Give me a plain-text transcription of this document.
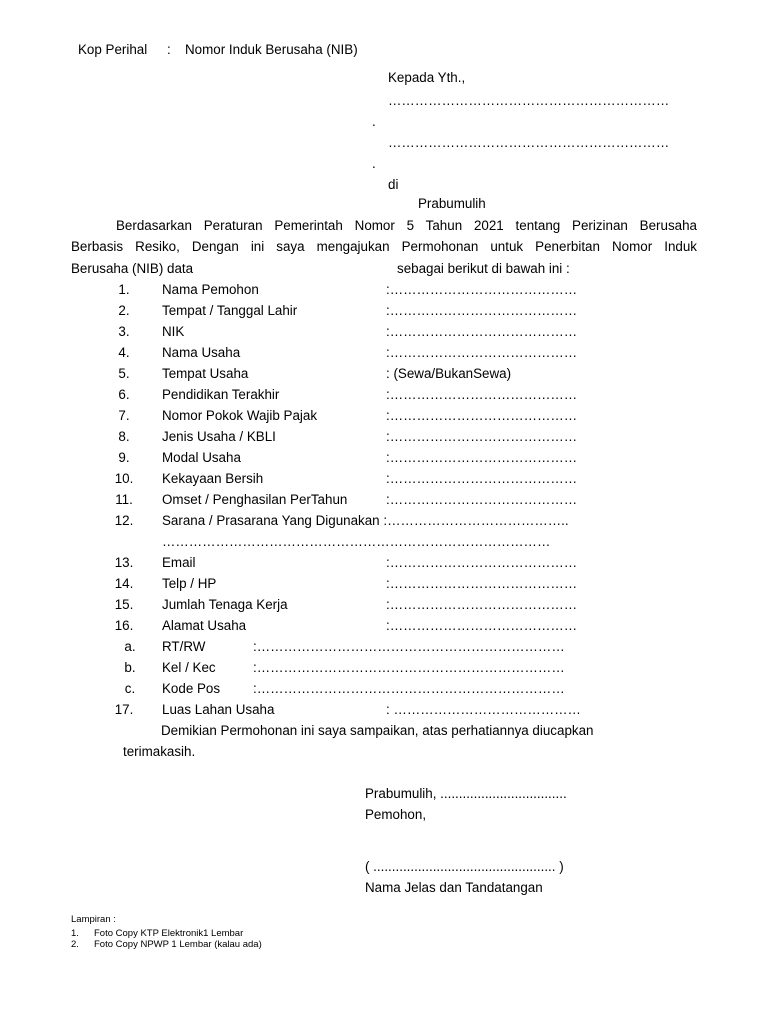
Kop Perihal : Nomor Induk Berusaha (NIB)
Kepada Yth.,
………………………………………………………
.
………………………………………………………
.
di
Prabumulih

Berdasarkan Peraturan Pemerintah Nomor 5 Tahun 2021 tentang Perizinan Berusaha

Berbasis Resiko, Dengan ini saya mengajukan Permohonan untuk Penerbitan Nomor Induk

Berusaha (NIB) data	sebagai berikut di bawah ini :
1.	Nama Pemohon	:……………………………………
2.	Tempat / Tanggal Lahir	:……………………………………
3.	NIK	:……………………………………
4.	Nama Usaha	:……………………………………
5.	Tempat Usaha	: (Sewa/BukanSewa)
6.	Pendidikan Terakhir	:……………………………………
7.	Nomor Pokok Wajib Pajak	:……………………………………
8.	Jenis Usaha / KBLI	:……………………………………
9.	Modal Usaha	:……………………………………
10. Kekayaan Bersih	:……………………………………
11. Omset / Penghasilan PerTahun	:……………………………………
12. Sarana / Prasarana Yang Digunakan :…………………………………..
……………………………………………………………………………
13. Email	:……………………………………
14. Telp / HP	:……………………………………
15. Jumlah Tenaga Kerja	:……………………………………
16. Alamat Usaha	:……………………………………
a.	RT/RW	:……………………………………………………………
b.	Kel / Kec	:……………………………………………………………
c.	Kode Pos :……………………………………………………………
17. Luas Lahan Usaha	: ……………………………………
Demikian Permohonan ini saya sampaikan, atas perhatiannya diucapkan
terimakasih.
Prabumulih, ..................................
Pemohon,
( ................................................. )
Nama Jelas dan Tandatangan
Lampiran :
1. Foto Copy KTP Elektronik1 Lembar
2. Foto Copy NPWP 1 Lembar (kalau ada)
